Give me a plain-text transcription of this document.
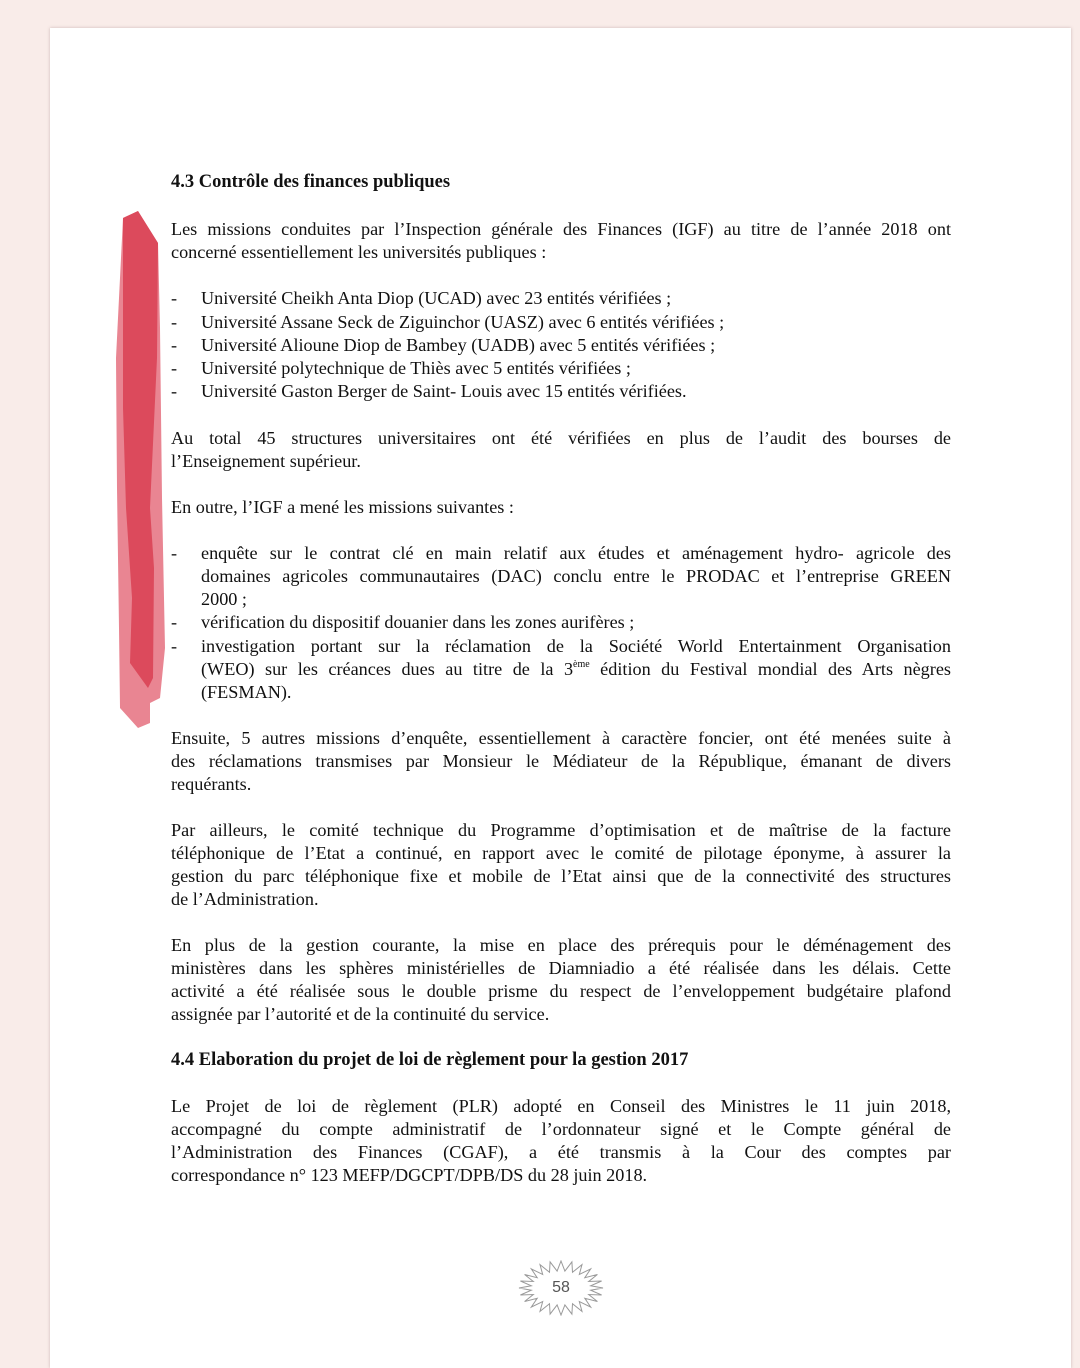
4.3 Contrôle des finances publiques
Les missions conduites par l’Inspection générale des Finances (IGF) au titre de l’année 2018 ont
concerné essentiellement les universités publiques :
-	Université Cheikh Anta Diop (UCAD) avec 23 entités vérifiées ;
-	Université Assane Seck de Ziguinchor (UASZ) avec 6 entités vérifiées ;
-	Université Alioune Diop de Bambey (UADB) avec 5 entités vérifiées ;
-	Université polytechnique de Thiès avec 5 entités vérifiées ;
-	Université Gaston Berger de Saint- Louis avec 15 entités vérifiées.
Au total 45 structures universitaires ont été vérifiées en plus de l’audit des bourses de
l’Enseignement supérieur.
En outre, l’IGF a mené les missions suivantes :
-	enquête sur le contrat clé en main relatif aux études et aménagement hydro- agricole des
domaines agricoles communautaires (DAC) conclu entre le PRODAC et l’entreprise GREEN
2000 ;
-	vérification du dispositif douanier dans les zones aurifères ;
-	investigation portant sur la réclamation de la Société World Entertainment Organisation
(WEO) sur les créances dues au titre de la 3ème édition du Festival mondial des Arts nègres
(FESMAN).
Ensuite, 5 autres missions d’enquête, essentiellement à caractère foncier, ont été menées suite à
des réclamations transmises par Monsieur le Médiateur de la République, émanant de divers
requérants.
Par ailleurs, le comité technique du Programme d’optimisation et de maîtrise de la facture
téléphonique de l’Etat a continué, en rapport avec le comité de pilotage éponyme, à assurer la
gestion du parc téléphonique fixe et mobile de l’Etat ainsi que de la connectivité des structures
de l’Administration.
En plus de la gestion courante, la mise en place des prérequis pour le déménagement des
ministères dans les sphères ministérielles de Diamniadio a été réalisée dans les délais. Cette
activité a été réalisée sous le double prisme du respect de l’enveloppement budgétaire plafond
assignée par l’autorité et de la continuité du service.
4.4 Elaboration du projet de loi de règlement pour la gestion 2017
Le Projet de loi de règlement (PLR) adopté en Conseil des Ministres le 11 juin 2018,
accompagné du compte administratif de l’ordonnateur signé et le Compte général de
l’Administration des Finances (CGAF), a été transmis à la Cour des comptes par
correspondance n° 123 MEFP/DGCPT/DPB/DS du 28 juin 2018.
58
